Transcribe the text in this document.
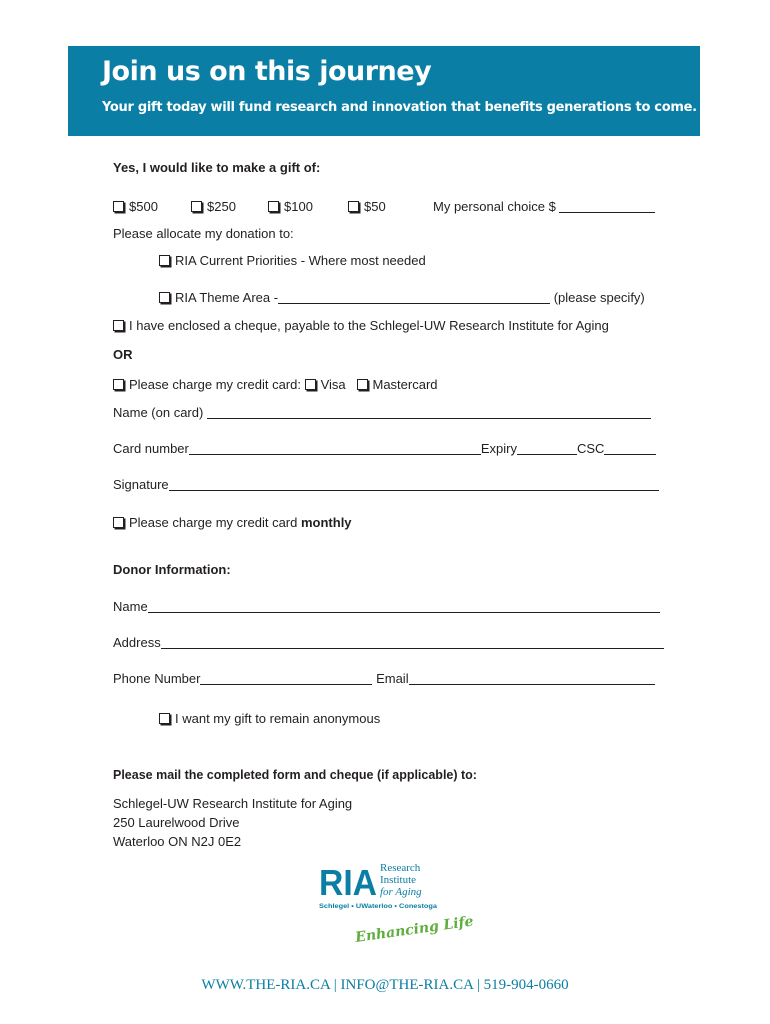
Join us on this journey
Your gift today will fund research and innovation that benefits generations to come.
Yes, I would like to make a gift of:
$500	$250	$100	$50	My personal choice $
Please allocate my donation to:
RIA Current Priorities - Where most needed
RIA Theme Area -	(please specify)
I have enclosed a cheque, payable to the Schlegel-UW Research Institute for Aging
OR
Please charge my credit card: Visa Mastercard
Name (on card)
Card number	Expiry	CSC
Signature
Please charge my credit card monthly
Donor Information:
Name
Address
Phone Number	Email
I want my gift to remain anonymous
Please mail the completed form and cheque (if applicable) to:
Schlegel-UW Research Institute for Aging
250 Laurelwood Drive
Waterloo ON N2J 0E2
RIA Research
Institute
for Aging
Schlegel • UWaterloo • Conestoga
Enhancing Life
WWW.THE-RIA.CA | INFO@THE-RIA.CA | 519-904-0660
